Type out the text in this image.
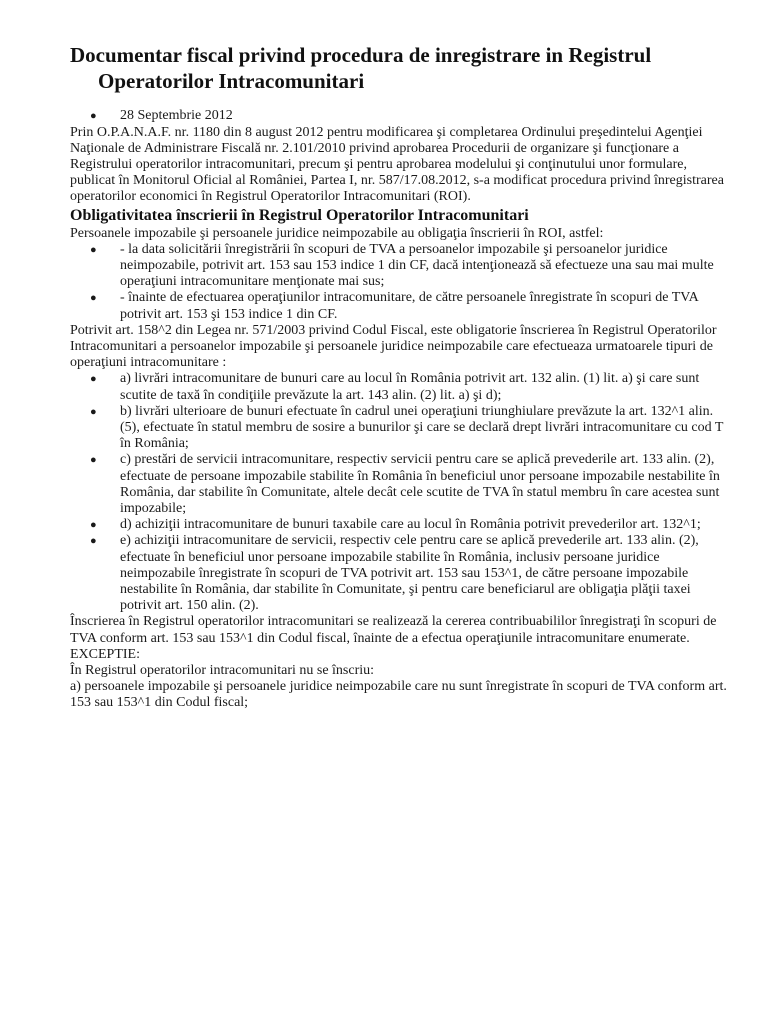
Documentar fiscal privind procedura de inregistrare in Registrul Operatorilor Intracomunitari
● 28 Septembrie 2012

Prin O.P.A.N.A.F. nr. 1180 din 8 august 2012 pentru modificarea şi completarea Ordinului preşedintelui Agenţiei Naţionale de Administrare Fiscală nr. 2.101/2010 privind aprobarea Procedurii de organizare şi funcţionare a Registrului operatorilor intracomunitari, precum şi pentru aprobarea modelului şi conţinutului unor formulare, publicat în Monitorul Oficial al României, Partea I, nr. 587/17.08.2012, s-a modificat procedura privind înregistrarea operatorilor economici în Registrul Operatorilor Intracomunitari (ROI).

Obligativitatea înscrierii în Registrul Operatorilor Intracomunitari

Persoanele impozabile şi persoanele juridice neimpozabile au obligaţia înscrierii în ROI, astfel:

● - la data solicitării înregistrării în scopuri de TVA a persoanelor impozabile şi persoanelor juridice neimpozabile, potrivit art. 153 sau 153 indice 1 din CF, dacă intenţionează să efectueze una sau mai multe operaţiuni intracomunitare menţionate mai sus;
● - înainte de efectuarea operaţiunilor intracomunitare, de către persoanele înregistrate în scopuri de TVA potrivit art. 153 şi 153 indice 1 din CF.

Potrivit art. 158^2 din Legea nr. 571/2003 privind Codul Fiscal, este obligatorie înscrierea în Registrul Operatorilor Intracomunitari a persoanelor impozabile şi persoanele juridice neimpozabile care efectueaza urmatoarele tipuri de operaţiuni intracomunitare :

● a) livrări intracomunitare de bunuri care au locul în România potrivit art. 132 alin. (1) lit. a) şi care sunt scutite de taxă în condiţiile prevăzute la art. 143 alin. (2) lit. a) şi d);
● b) livrări ulterioare de bunuri efectuate în cadrul unei operaţiuni triunghiulare prevăzute la art. 132^1 alin. (5), efectuate în statul membru de sosire a bunurilor şi care se declară drept livrări intracomunitare cu cod T în România;
● c) prestări de servicii intracomunitare, respectiv servicii pentru care se aplică prevederile art. 133 alin. (2), efectuate de persoane impozabile stabilite în România în beneficiul unor persoane impozabile nestabilite în România, dar stabilite în Comunitate, altele decât cele scutite de TVA în statul membru în care acestea sunt impozabile;
● d) achiziţii intracomunitare de bunuri taxabile care au locul în România potrivit prevederilor art. 132^1;
● e) achiziţii intracomunitare de servicii, respectiv cele pentru care se aplică prevederile art. 133 alin. (2), efectuate în beneficiul unor persoane impozabile stabilite în România, inclusiv persoane juridice neimpozabile înregistrate în scopuri de TVA potrivit art. 153 sau 153^1, de către persoane impozabile nestabilite în România, dar stabilite în Comunitate, şi pentru care beneficiarul are obligaţia plăţii taxei potrivit art. 150 alin. (2).

Înscrierea în Registrul operatorilor intracomunitari se realizează la cererea contribuabililor înregistraţi în scopuri de TVA conform art. 153 sau 153^1 din Codul fiscal, înainte de a efectua operaţiunile intracomunitare enumerate.

EXCEPTIE:

În Registrul operatorilor intracomunitari nu se înscriu:

a) persoanele impozabile şi persoanele juridice neimpozabile care nu sunt înregistrate în scopuri de TVA conform art. 153 sau 153^1 din Codul fiscal;
